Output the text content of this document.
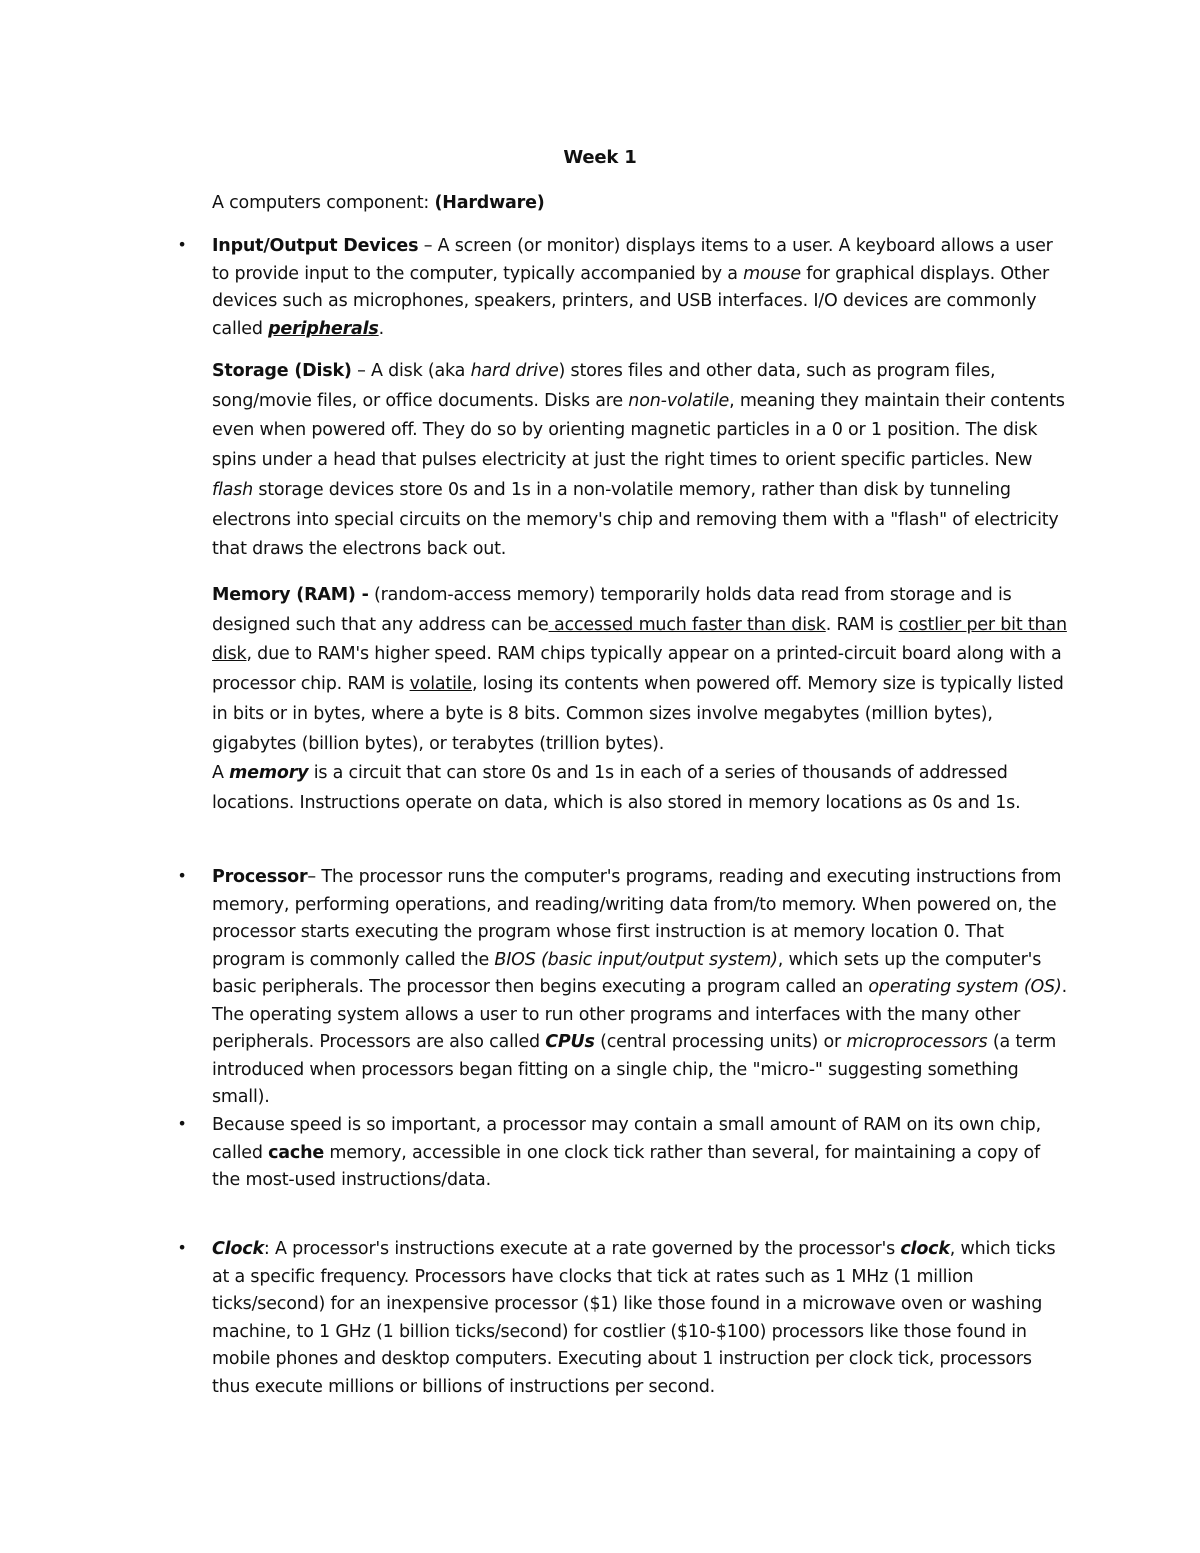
Week 1
A computers component: (Hardware)
•	Input/Output Devices – A screen (or monitor) displays items to a user. A keyboard allows a user to provide input to the computer, typically accompanied by a mouse for graphical displays. Other devices such as microphones, speakers, printers, and USB interfaces. I/O devices are commonly called peripherals.

Storage (Disk) – A disk (aka hard drive) stores files and other data, such as program files, song/movie files, or office documents. Disks are non-volatile, meaning they maintain their contents even when powered off. They do so by orienting magnetic particles in a 0 or 1 position. The disk spins under a head that pulses electricity at just the right times to orient specific particles. New flash storage devices store 0s and 1s in a non-volatile memory, rather than disk by tunneling electrons into special circuits on the memory's chip and removing them with a "flash" of electricity that draws the electrons back out.

Memory (RAM) - (random-access memory) temporarily holds data read from storage and is designed such that any address can be accessed much faster than disk. RAM is costlier per bit than disk, due to RAM's higher speed. RAM chips typically appear on a printed-circuit board along with a processor chip. RAM is volatile, losing its contents when powered off. Memory size is typically listed in bits or in bytes, where a byte is 8 bits. Common sizes involve megabytes (million bytes), gigabytes (billion bytes), or terabytes (trillion bytes).

A memory is a circuit that can store 0s and 1s in each of a series of thousands of addressed locations. Instructions operate on data, which is also stored in memory locations as 0s and 1s.

•	Processor– The processor runs the computer's programs, reading and executing instructions from memory, performing operations, and reading/writing data from/to memory. When powered on, the processor starts executing the program whose first instruction is at memory location 0. That program is commonly called the BIOS (basic input/output system), which sets up the computer's basic peripherals. The processor then begins executing a program called an operating system (OS). The operating system allows a user to run other programs and interfaces with the many other peripherals. Processors are also called CPUs (central processing units) or microprocessors (a term introduced when processors began fitting on a single chip, the "micro-" suggesting something small).

•	Because speed is so important, a processor may contain a small amount of RAM on its own chip, called cache memory, accessible in one clock tick rather than several, for maintaining a copy of the most-used instructions/data.

•	Clock: A processor's instructions execute at a rate governed by the processor's clock, which ticks at a specific frequency. Processors have clocks that tick at rates such as 1 MHz (1 million ticks/second) for an inexpensive processor ($1) like those found in a microwave oven or washing machine, to 1 GHz (1 billion ticks/second) for costlier ($10-$100) processors like those found in mobile phones and desktop computers. Executing about 1 instruction per clock tick, processors thus execute millions or billions of instructions per second.
